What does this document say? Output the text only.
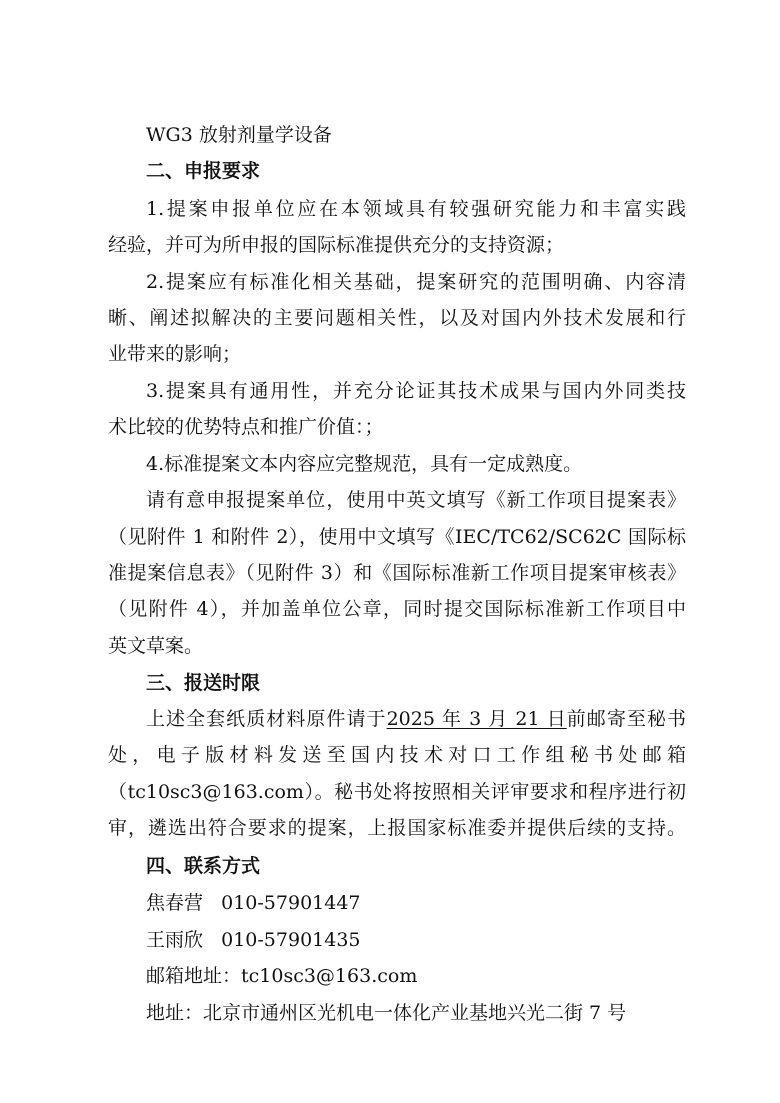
WG3 放射剂量学设备
二、申报要求
1.提案申报单位应在本领域具有较强研究能力和丰富实践
经验，并可为所申报的国际标准提供充分的支持资源；
2.提案应有标准化相关基础，提案研究的范围明确、内容清
晰、阐述拟解决的主要问题相关性，以及对国内外技术发展和行
业带来的影响；
3.提案具有通用性，并充分论证其技术成果与国内外同类技
术比较的优势特点和推广价值：；
4.标准提案文本内容应完整规范，具有一定成熟度。
请有意申报提案单位，使用中英文填写《新工作项目提案表》
（见附件 1 和附件 2），使用中文填写《IEC/TC62/SC62C 国际标
准提案信息表》（见附件 3）和《国际标准新工作项目提案审核表》
（见附件 4），并加盖单位公章，同时提交国际标准新工作项目中
英文草案。
三、报送时限
上述全套纸质材料原件请于2025 年 3 月 21 日前邮寄至秘书
处，电子版材料发送至国内技术对口工作组秘书处邮箱
（tc10sc3@163.com）。秘书处将按照相关评审要求和程序进行初
审，遴选出符合要求的提案，上报国家标准委并提供后续的支持。
四、联系方式
焦春营   010-57901447
王雨欣   010-57901435
邮箱地址：tc10sc3@163.com
地址：北京市通州区光机电一体化产业基地兴光二街 7 号
